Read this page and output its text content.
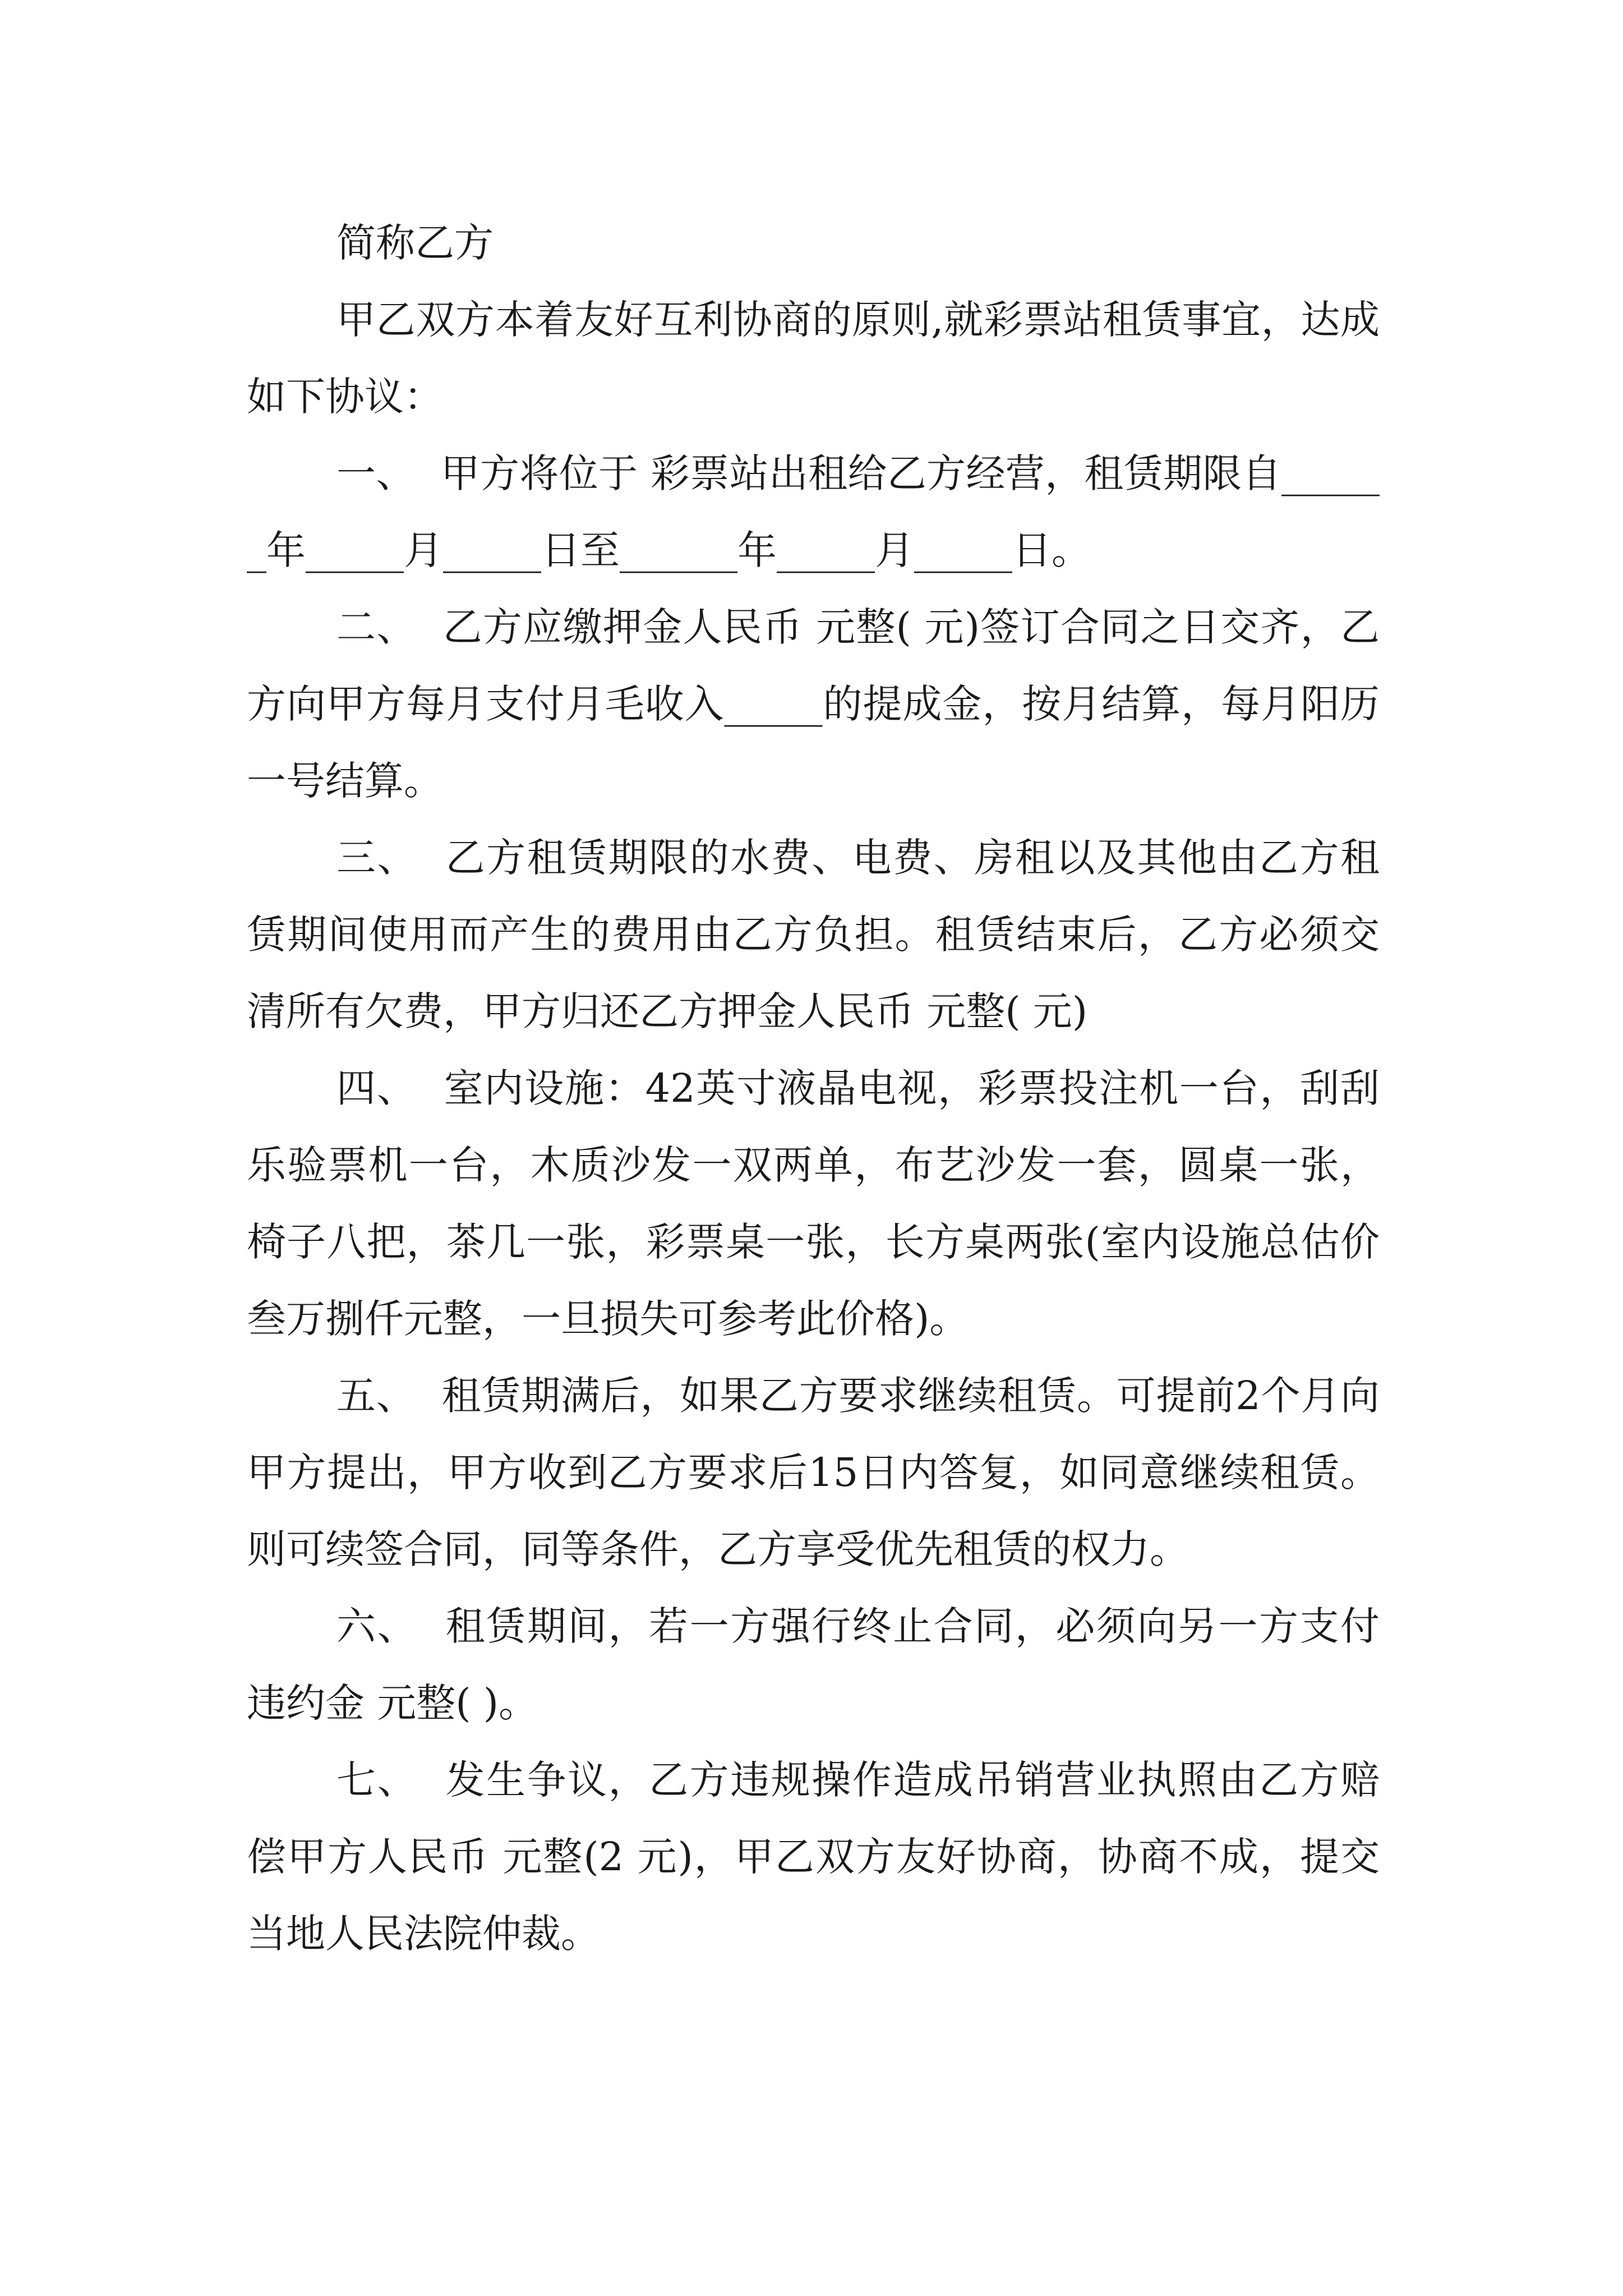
简称乙方

甲乙双方本着友好互利协商的原则,就彩票站租赁事宜，达成如下协议：

一、  甲方将位于 彩票站出租给乙方经营，租赁期限自______年_____月_____日至______年_____月_____日。

二、  乙方应缴押金人民币 元整( 元)签订合同之日交齐，乙方向甲方每月支付月毛收入_____的提成金，按月结算，每月阳历一号结算。

三、  乙方租赁期限的水费、电费、房租以及其他由乙方租赁期间使用而产生的费用由乙方负担。租赁结束后，乙方必须交清所有欠费，甲方归还乙方押金人民币 元整( 元)

四、  室内设施：42英寸液晶电视，彩票投注机一台，刮刮乐验票机一台，木质沙发一双两单，布艺沙发一套，圆桌一张，椅子八把，茶几一张，彩票桌一张，长方桌两张(室内设施总估价叁万捌仟元整，一旦损失可参考此价格)。

五、  租赁期满后，如果乙方要求继续租赁。可提前2个月向甲方提出，甲方收到乙方要求后15日内答复，如同意继续租赁。则可续签合同，同等条件，乙方享受优先租赁的权力。

六、  租赁期间，若一方强行终止合同，必须向另一方支付违约金 元整( )。

七、  发生争议，乙方违规操作造成吊销营业执照由乙方赔偿甲方人民币 元整(2 元)，甲乙双方友好协商，协商不成，提交当地人民法院仲裁。
